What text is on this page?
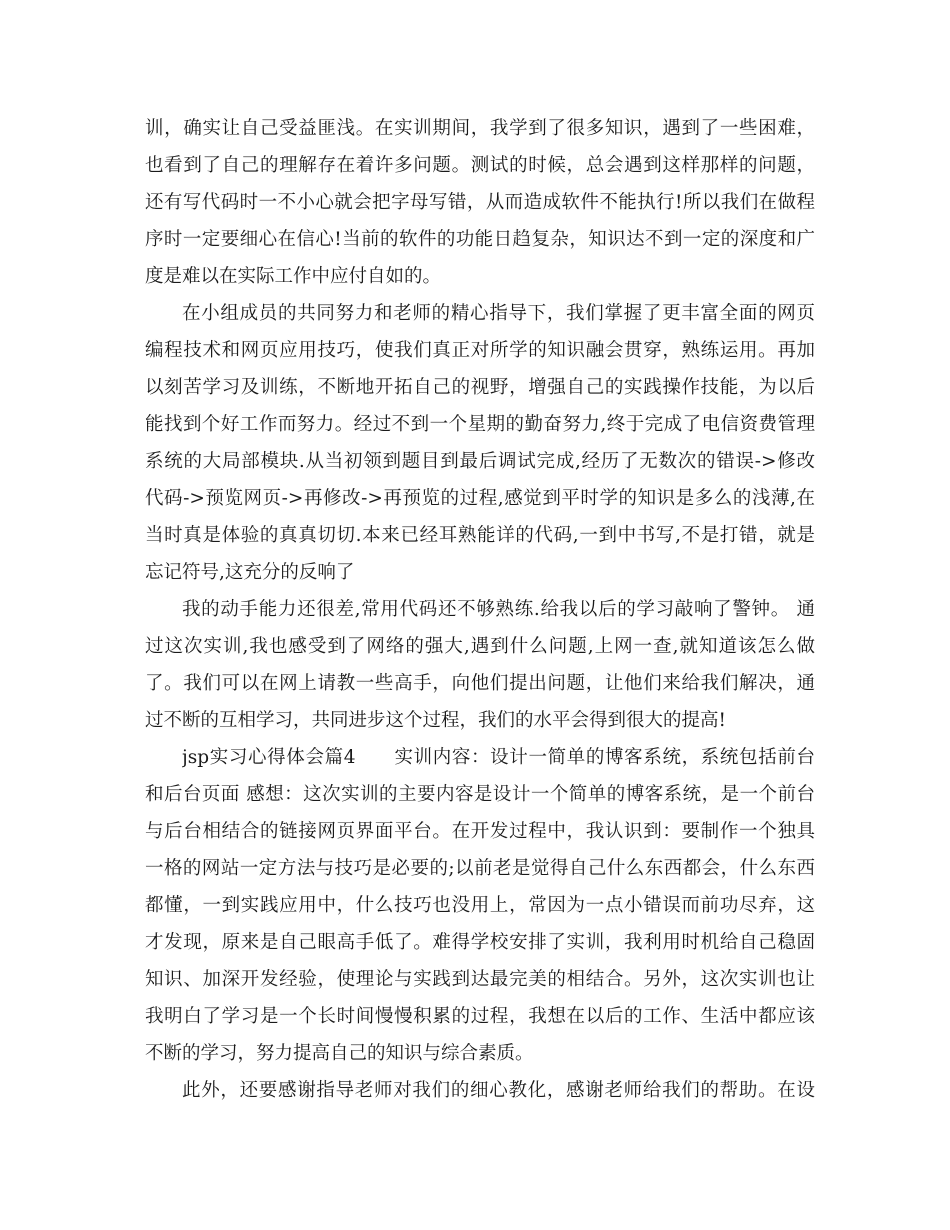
训，确实让自己受益匪浅。在实训期间，我学到了很多知识，遇到了一些困难，
也看到了自己的理解存在着许多问题。测试的时候，总会遇到这样那样的问题，
还有写代码时一不小心就会把字母写错，从而造成软件不能执行!所以我们在做程
序时一定要细心在信心!当前的软件的功能日趋复杂，知识达不到一定的深度和广
度是难以在实际工作中应付自如的。
在小组成员的共同努力和老师的精心指导下，我们掌握了更丰富全面的网页
编程技术和网页应用技巧，使我们真正对所学的知识融会贯穿，熟练运用。再加
以刻苦学习及训练，不断地开拓自己的视野，增强自己的实践操作技能，为以后
能找到个好工作而努力。经过不到一个星期的勤奋努力,终于完成了电信资费管理
系统的大局部模块.从当初领到题目到最后调试完成,经历了无数次的错误->修改
代码->预览网页->再修改->再预览的过程,感觉到平时学的知识是多么的浅薄,在
当时真是体验的真真切切.本来已经耳熟能详的代码,一到中书写,不是打错，就是
忘记符号,这充分的反响了
我的动手能力还很差,常用代码还不够熟练.给我以后的学习敲响了警钟。 通
过这次实训,我也感受到了网络的强大,遇到什么问题,上网一查,就知道该怎么做
了。我们可以在网上请教一些高手，向他们提出问题，让他们来给我们解决，通
过不断的互相学习，共同进步这个过程，我们的水平会得到很大的提高!
jsp实习心得体会篇4　　实训内容：设计一简单的博客系统，系统包括前台
和后台页面 感想：这次实训的主要内容是设计一个简单的博客系统，是一个前台
与后台相结合的链接网页界面平台。在开发过程中，我认识到：要制作一个独具
一格的网站一定方法与技巧是必要的;以前老是觉得自己什么东西都会，什么东西
都懂，一到实践应用中，什么技巧也没用上，常因为一点小错误而前功尽弃，这
才发现，原来是自己眼高手低了。难得学校安排了实训，我利用时机给自己稳固
知识、加深开发经验，使理论与实践到达最完美的相结合。另外，这次实训也让
我明白了学习是一个长时间慢慢积累的过程，我想在以后的工作、生活中都应该
不断的学习，努力提高自己的知识与综合素质。
此外，还要感谢指导老师对我们的细心教化，感谢老师给我们的帮助。在设
